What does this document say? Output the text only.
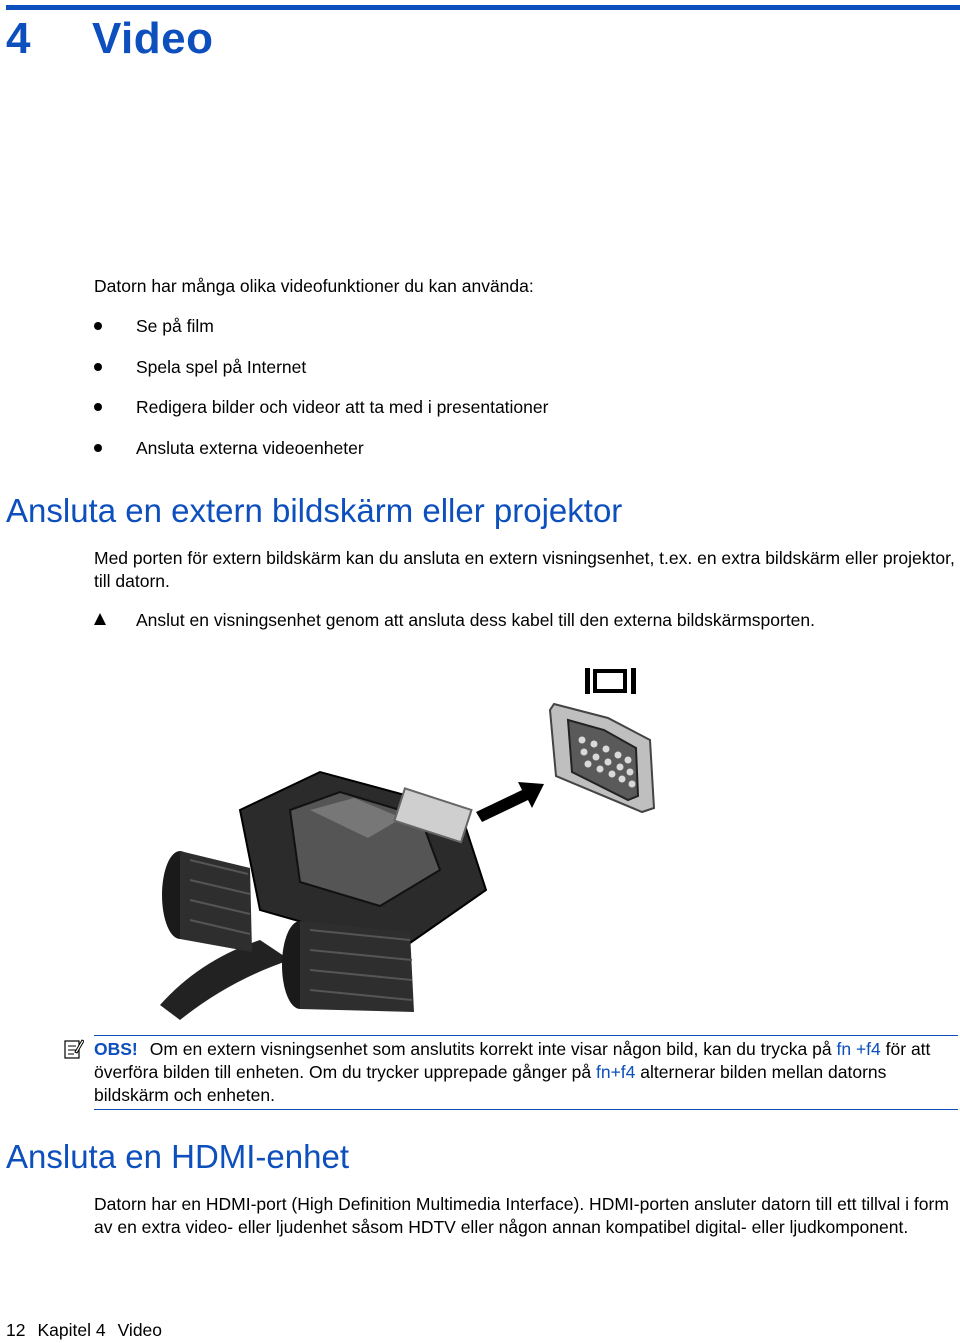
4 Video
Datorn har många olika videofunktioner du kan använda:
Se på film
Spela spel på Internet
Redigera bilder och videor att ta med i presentationer
Ansluta externa videoenheter
Ansluta en extern bildskärm eller projektor
Med porten för extern bildskärm kan du ansluta en extern visningsenhet, t.ex. en extra bildskärm eller projektor, till datorn.
Anslut en visningsenhet genom att ansluta dess kabel till den externa bildskärmsporten.
OBS! Om en extern visningsenhet som anslutits korrekt inte visar någon bild, kan du trycka på fn +f4 för att överföra bilden till enheten. Om du trycker upprepade gånger på fn+f4 alternerar bilden mellan datorns bildskärm och enheten.
Ansluta en HDMI-enhet
Datorn har en HDMI-port (High Definition Multimedia Interface). HDMI-porten ansluter datorn till ett tillval i form av en extra video- eller ljudenhet såsom HDTV eller någon annan kompatibel digital- eller ljudkomponent.
12 Kapitel 4 Video
